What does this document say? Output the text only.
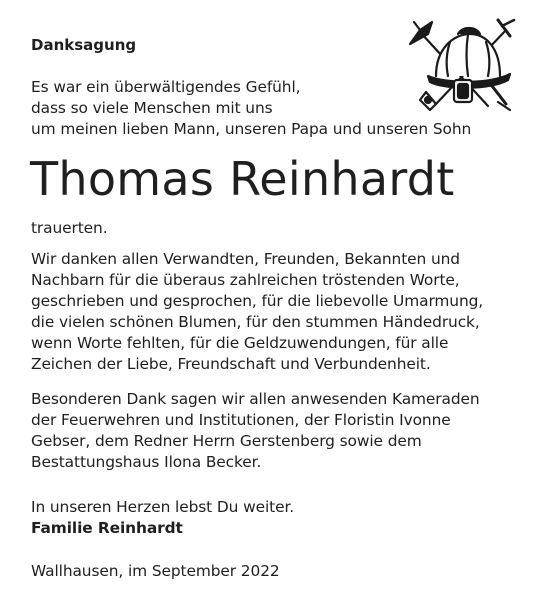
Danksagung
Es war ein überwältigendes Gefühl,
dass so viele Menschen mit uns
um meinen lieben Mann, unseren Papa und unseren Sohn
Thomas Reinhardt
trauerten.
Wir danken allen Verwandten, Freunden, Bekannten und
Nachbarn für die überaus zahlreichen tröstenden Worte,
geschrieben und gesprochen, für die liebevolle Umarmung,
die vielen schönen Blumen, für den stummen Händedruck,
wenn Worte fehlten, für die Geldzuwendungen, für alle
Zeichen der Liebe, Freundschaft und Verbundenheit.
Besonderen Dank sagen wir allen anwesenden Kameraden
der Feuerwehren und Institutionen, der Floristin Ivonne
Gebser, dem Redner Herrn Gerstenberg sowie dem
Bestattungshaus Ilona Becker.
In unseren Herzen lebst Du weiter.
Familie Reinhardt
Wallhausen, im September 2022
